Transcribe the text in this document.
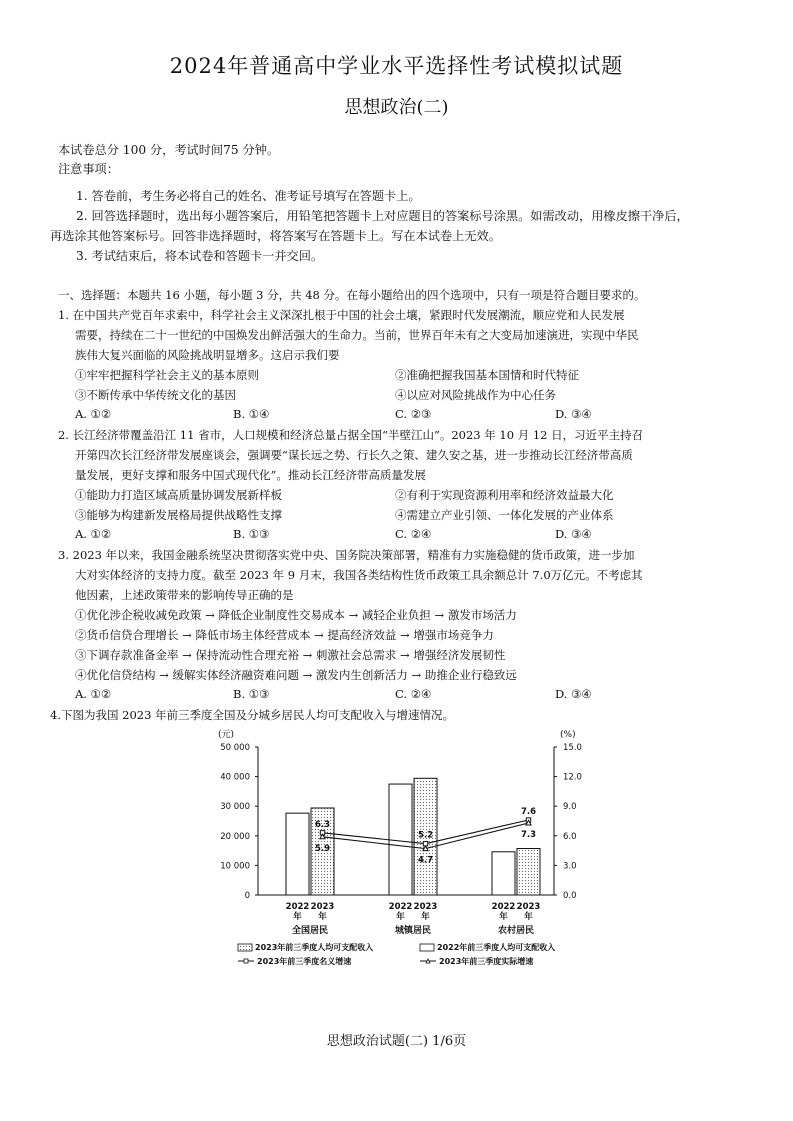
2024年普通高中学业水平选择性考试模拟试题
思想政治(二)
本试卷总分 100 分，考试时间75 分钟。
注意事项：
1. 答卷前，考生务必将自己的姓名、准考证号填写在答题卡上。
2. 回答选择题时，选出每小题答案后，用铅笔把答题卡上对应题目的答案标号涂黑。如需改动，用橡皮擦干净后，
再选涂其他答案标号。回答非选择题时，将答案写在答题卡上。写在本试卷上无效。
3. 考试结束后，将本试卷和答题卡一并交回。
一、选择题：本题共 16 小题，每小题 3 分，共 48 分。在每小题给出的四个选项中，只有一项是符合题目要求的。
1. 在中国共产党百年求索中，科学社会主义深深扎根于中国的社会土壤，紧跟时代发展潮流，顺应党和人民发展
需要，持续在二十一世纪的中国焕发出鲜活强大的生命力。当前，世界百年未有之大变局加速演进，实现中华民
族伟大复兴面临的风险挑战明显增多。这启示我们要
①牢牢把握科学社会主义的基本原则	②准确把握我国基本国情和时代特征
③不断传承中华传统文化的基因	④以应对风险挑战作为中心任务
A. ①②	B. ①④	C. ②③	D. ③④
2. 长江经济带覆盖沿江 11 省市，人口规模和经济总量占据全国“半壁江山”。2023 年 10 月 12 日，习近平主持召
开第四次长江经济带发展座谈会，强调要“谋长远之势、行长久之策、建久安之基，进一步推动长江经济带高质
量发展，更好支撑和服务中国式现代化”。推动长江经济带高质量发展
①能助力打造区域高质量协调发展新样板	②有利于实现资源利用率和经济效益最大化
③能够为构建新发展格局提供战略性支撑	④需建立产业引领、一体化发展的产业体系
A. ①②	B. ①③	C. ②④	D. ③④
3. 2023 年以来，我国金融系统坚决贯彻落实党中央、国务院决策部署，精准有力实施稳健的货币政策，进一步加
大对实体经济的支持力度。截至 2023 年 9 月末，我国各类结构性货币政策工具余额总计 7.0万亿元。不考虑其
他因素，上述政策带来的影响传导正确的是
①优化涉企税收减免政策 → 降低企业制度性交易成本 → 减轻企业负担 → 激发市场活力
②货币信贷合理增长 → 降低市场主体经营成本 → 提高经济效益 → 增强市场竞争力
③下调存款准备金率 → 保持流动性合理充裕 → 刺激社会总需求 → 增强经济发展韧性
④优化信贷结构 → 缓解实体经济融资难问题 → 激发内生创新活力 → 助推企业行稳致远
A. ①②	B. ①③	C. ②④	D. ③④
4.下图为我国 2023 年前三季度全国及分城乡居民人均可支配收入与增速情况。
(元)	(%)
50 000
40 000
30 000
20 000
10 000
0
15.0
12.0
9.0
6.0
3.0
0.0
2022 2023
年 年
全国居民
2022 2023
年 年
城镇居民
2022 2023
年 年
农村居民
6.3
5.2
7.6
5.9
4.7
7.3
2023年前三季度人均可支配收入	2022年前三季度人均可支配收入
2023年前三季度名义增速	2023年前三季度实际增速
思想政治试题(二) 1/6页
